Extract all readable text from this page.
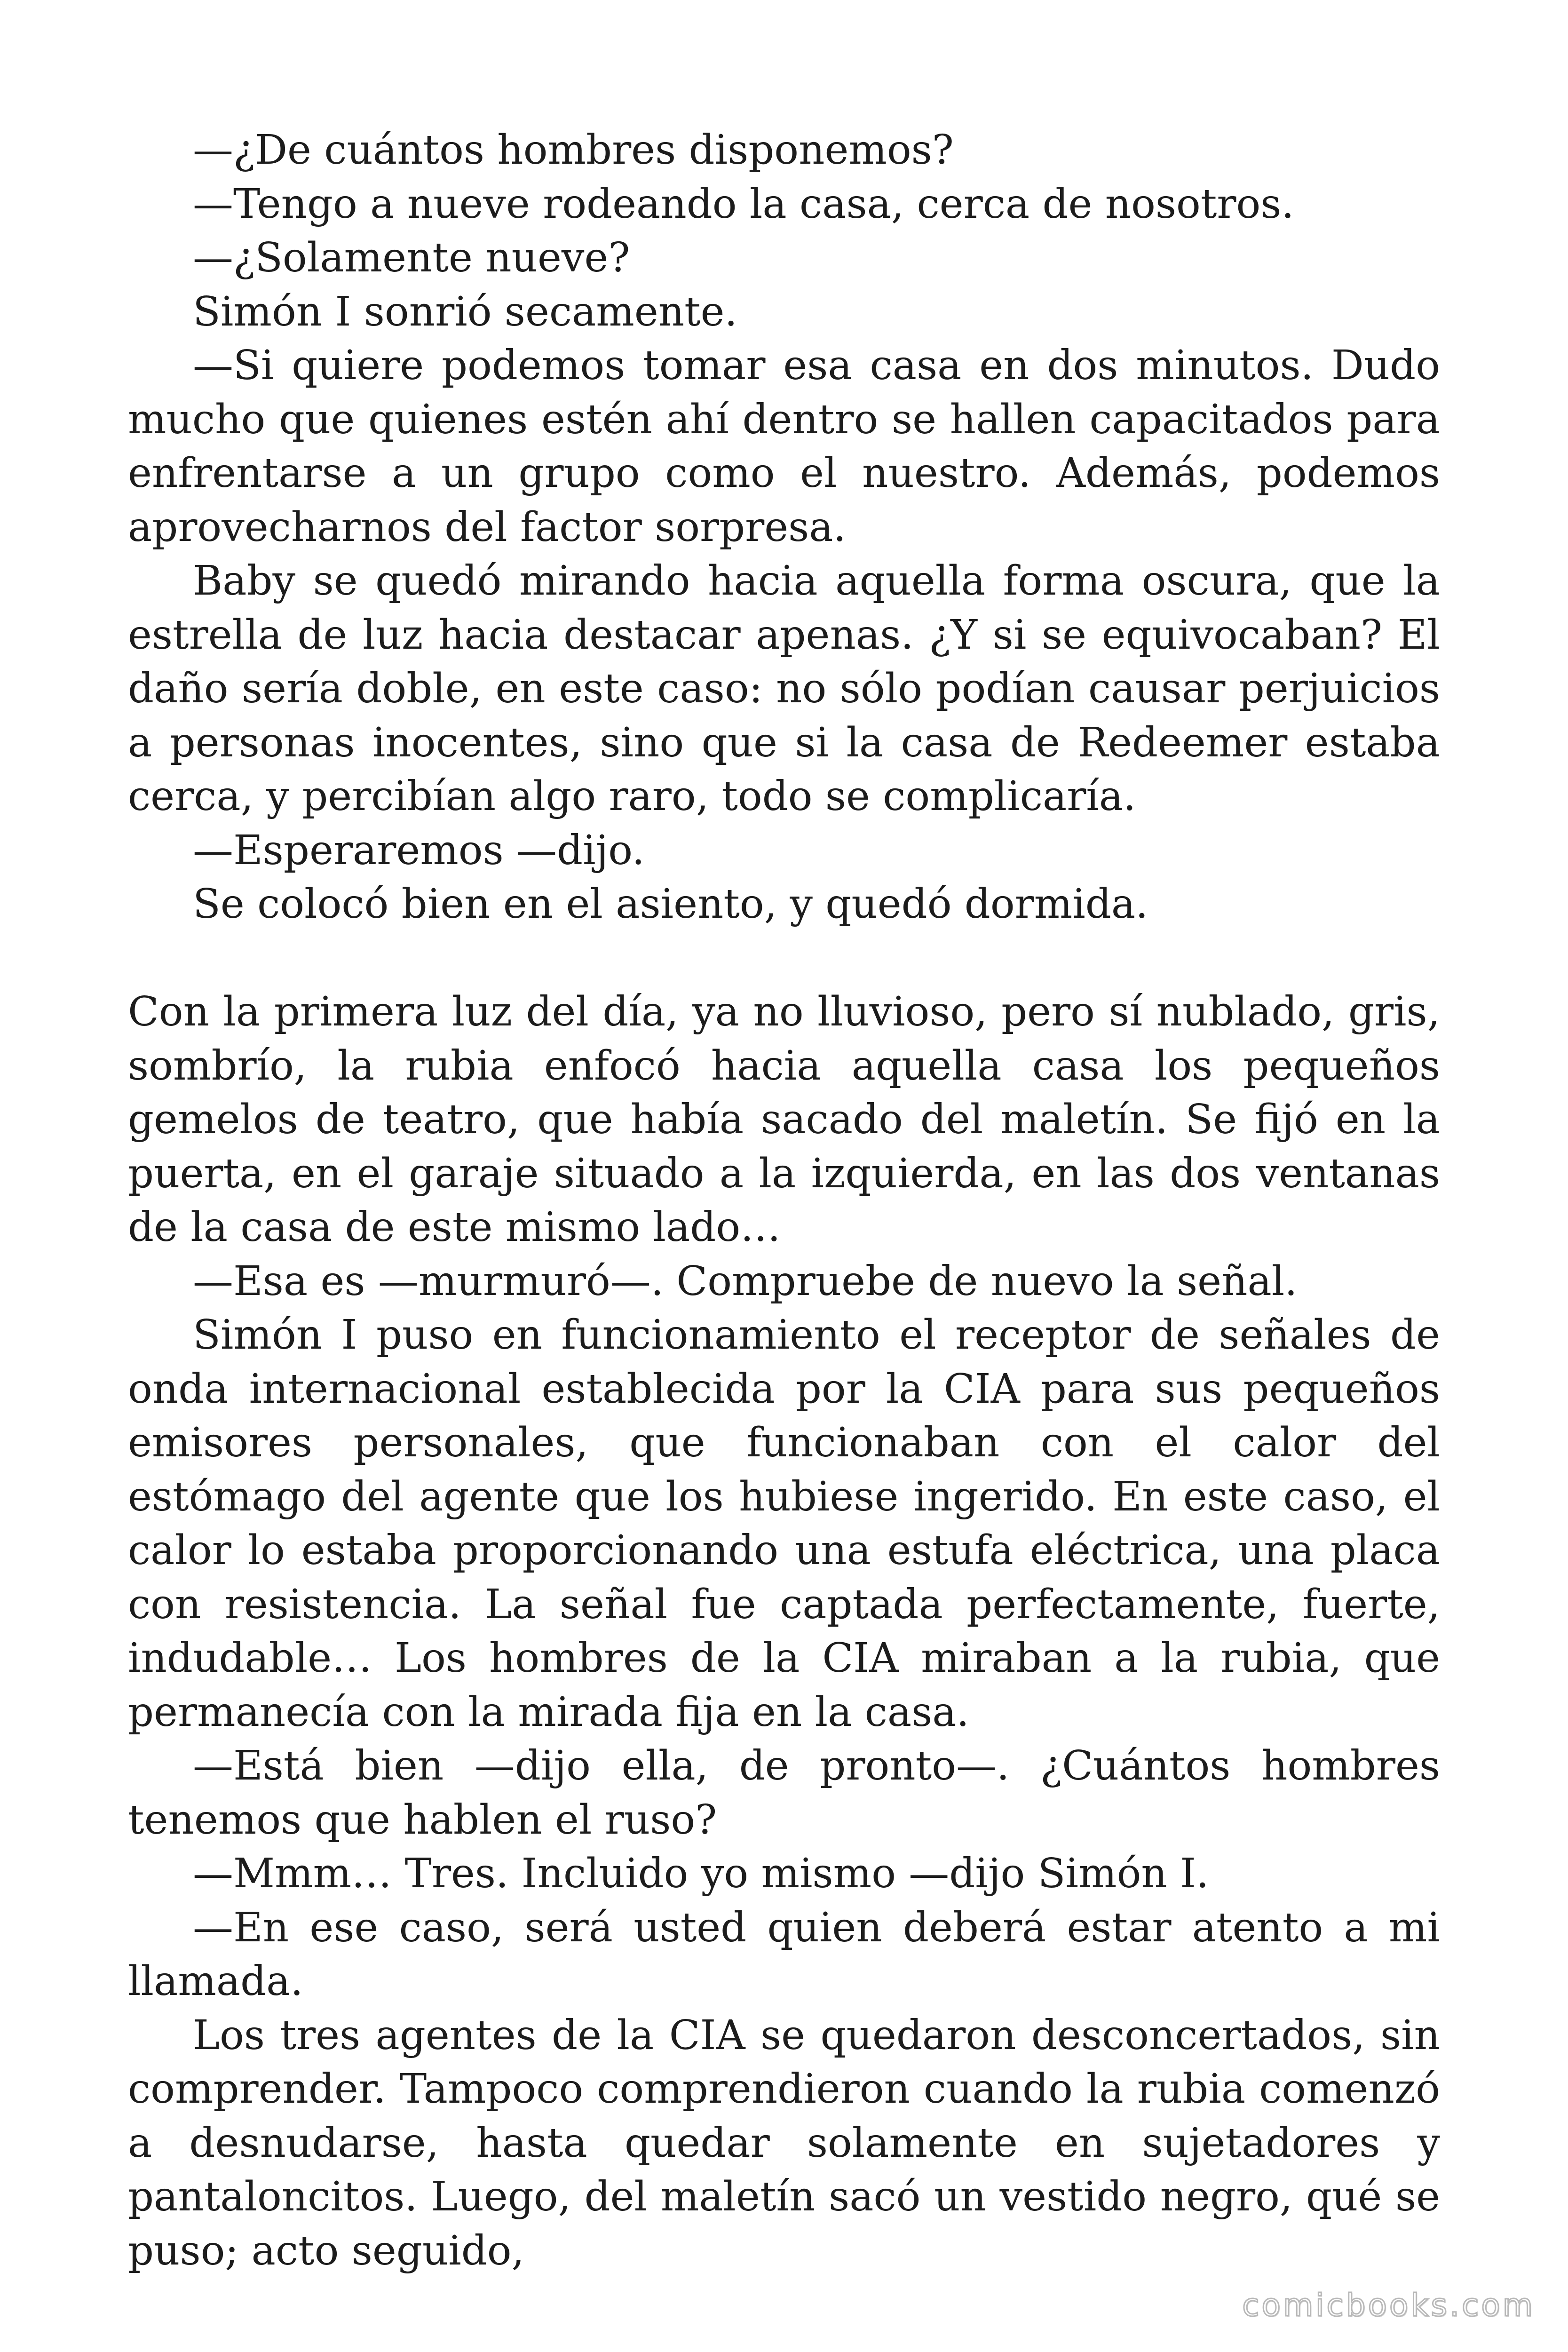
—¿De cuántos hombres disponemos?

—Tengo a nueve rodeando la casa, cerca de nosotros.

—¿Solamente nueve?

Simón I sonrió secamente.

—Si quiere podemos tomar esa casa en dos minutos. Dudo mucho que quienes estén ahí dentro se hallen capacitados para enfrentarse a un grupo como el nuestro. Además, podemos aprovecharnos del factor sorpresa.

Baby se quedó mirando hacia aquella forma oscura, que la estrella de luz hacia destacar apenas. ¿Y si se equivocaban? El daño sería doble, en este caso: no sólo podían causar perjuicios a personas inocentes, sino que si la casa de Redeemer estaba cerca, y percibían algo raro, todo se complicaría.

—Esperaremos —dijo.

Se colocó bien en el asiento, y quedó dormida.

Con la primera luz del día, ya no lluvioso, pero sí nublado, gris, sombrío, la rubia enfocó hacia aquella casa los pequeños gemelos de teatro, que había sacado del maletín. Se fijó en la puerta, en el garaje situado a la izquierda, en las dos ventanas de la casa de este mismo lado…

—Esa es —murmuró—. Compruebe de nuevo la señal.

Simón I puso en funcionamiento el receptor de señales de onda internacional establecida por la CIA para sus pequeños emisores personales, que funcionaban con el calor del estómago del agente que los hubiese ingerido. En este caso, el calor lo estaba proporcionando una estufa eléctrica, una placa con resistencia. La señal fue captada perfectamente, fuerte, indudable… Los hombres de la CIA miraban a la rubia, que permanecía con la mirada fija en la casa.

—Está bien —dijo ella, de pronto—. ¿Cuántos hombres tenemos que hablen el ruso?

—Mmm… Tres. Incluido yo mismo —dijo Simón I.

—En ese caso, será usted quien deberá estar atento a mi llamada.

Los tres agentes de la CIA se quedaron desconcertados, sin comprender. Tampoco comprendieron cuando la rubia comenzó a desnudarse, hasta quedar solamente en sujetadores y pantaloncitos. Luego, del maletín sacó un vestido negro, qué se puso; acto seguido,

comicbooks.com
